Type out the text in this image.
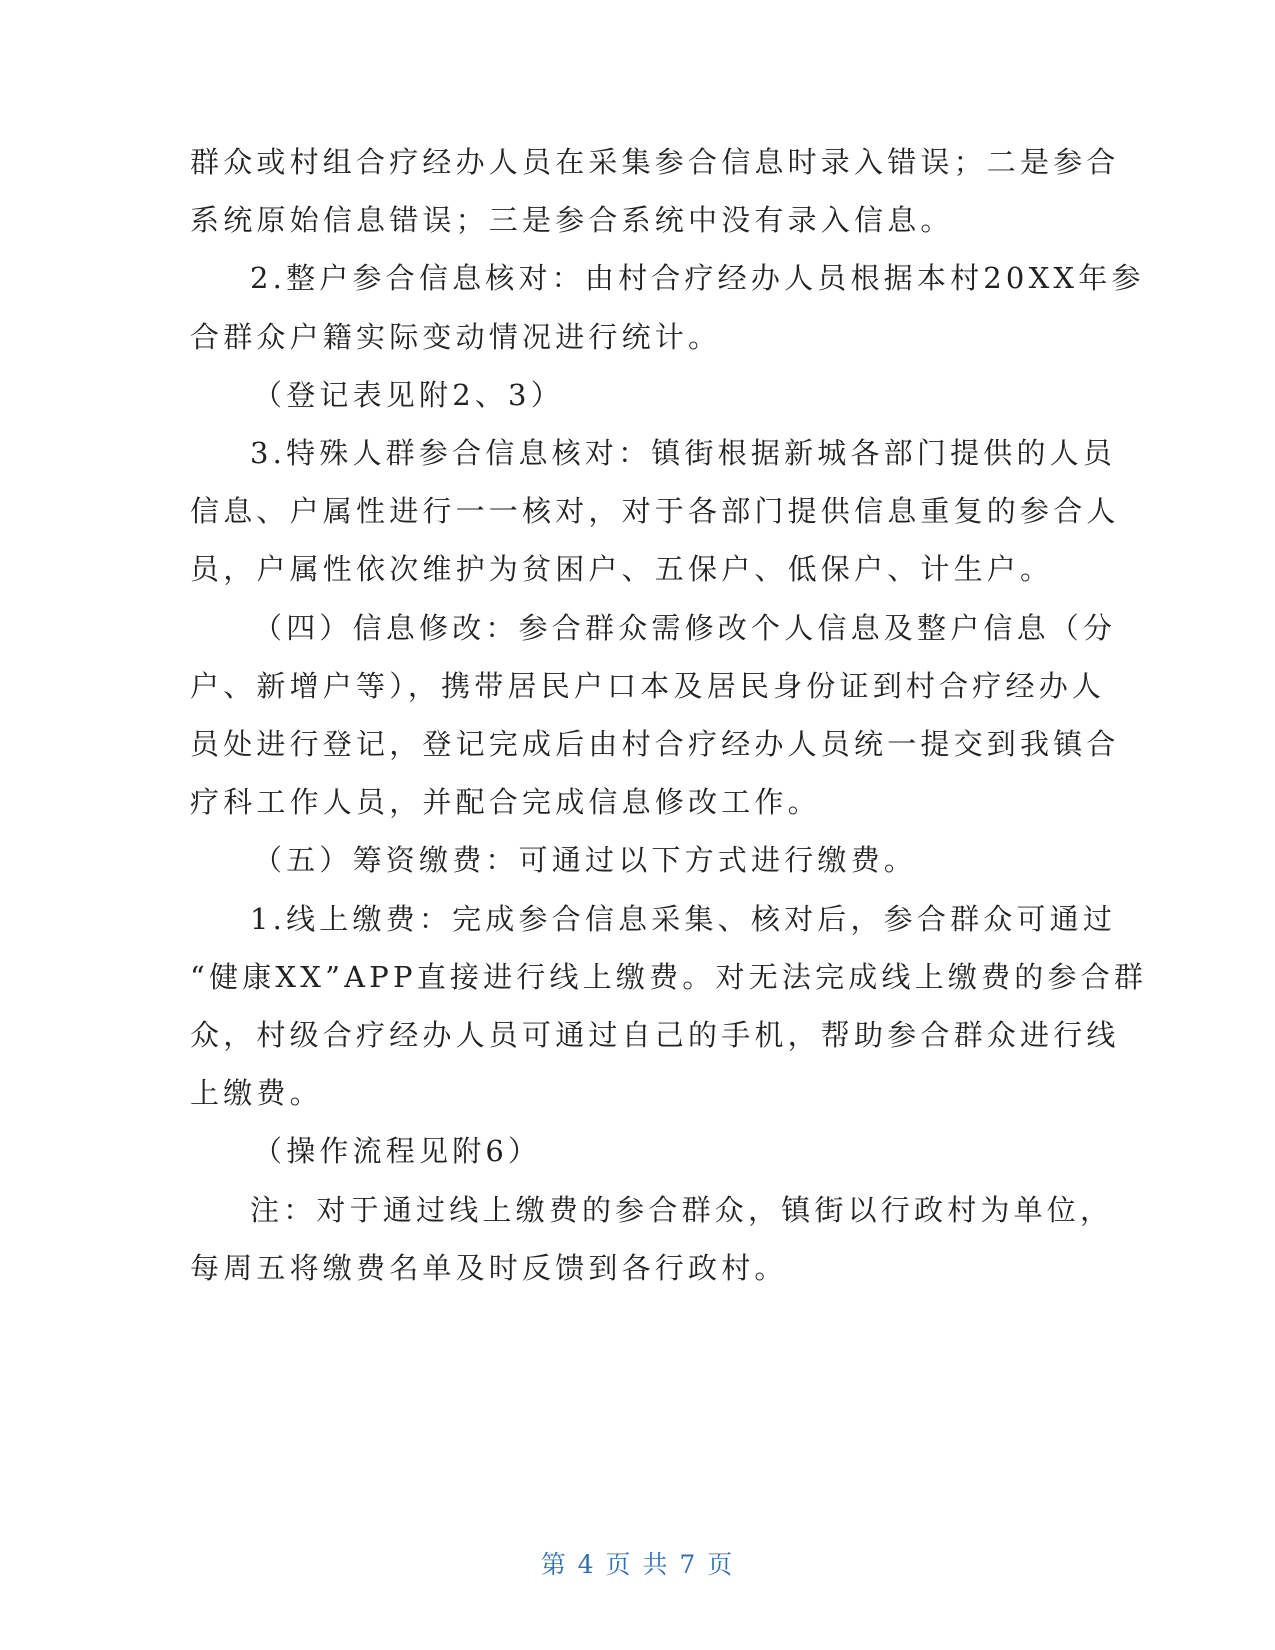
群众或村组合疗经办人员在采集参合信息时录入错误；二是参合
系统原始信息错误；三是参合系统中没有录入信息。
2.整户参合信息核对：由村合疗经办人员根据本村20XX年参
合群众户籍实际变动情况进行统计。
（登记表见附2、3）
3.特殊人群参合信息核对：镇街根据新城各部门提供的人员
信息、户属性进行一一核对，对于各部门提供信息重复的参合人
员，户属性依次维护为贫困户、五保户、低保户、计生户。
（四）信息修改：参合群众需修改个人信息及整户信息（分
户、新增户等），携带居民户口本及居民身份证到村合疗经办人
员处进行登记，登记完成后由村合疗经办人员统一提交到我镇合
疗科工作人员，并配合完成信息修改工作。
（五）筹资缴费：可通过以下方式进行缴费。
1.线上缴费：完成参合信息采集、核对后，参合群众可通过
“健康XX”APP直接进行线上缴费。对无法完成线上缴费的参合群
众，村级合疗经办人员可通过自己的手机，帮助参合群众进行线
上缴费。
（操作流程见附6）
注：对于通过线上缴费的参合群众，镇街以行政村为单位，
每周五将缴费名单及时反馈到各行政村。
第 4 页 共 7 页
